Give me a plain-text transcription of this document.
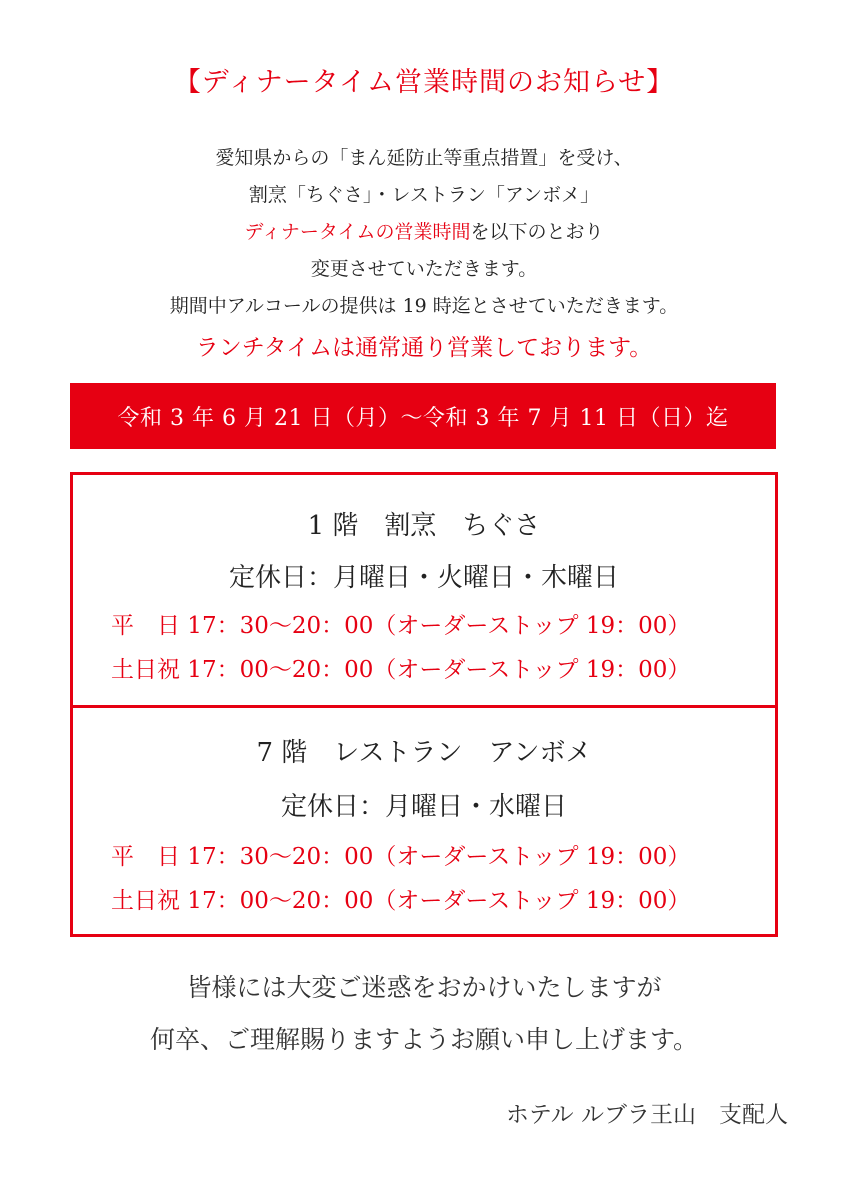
【ディナータイム営業時間のお知らせ】
愛知県からの「まん延防止等重点措置」を受け、
割烹「ちぐさ」・レストラン「アンボメ」
ディナータイムの営業時間を以下のとおり
変更させていただきます。
期間中アルコールの提供は 19 時迄とさせていただきます。
ランチタイムは通常通り営業しております。
令和 3 年 6 月 21 日（月）～令和 3 年 7 月 11 日（日）迄
1 階　割烹　ちぐさ
定休日：月曜日・火曜日・木曜日
平　日 17：30～20：00（オーダーストップ 19：00）
土日祝 17：00～20：00（オーダーストップ 19：00）
7 階　レストラン　アンボメ
定休日：月曜日・水曜日
平　日 17：30～20：00（オーダーストップ 19：00）
土日祝 17：00～20：00（オーダーストップ 19：00）
皆様には大変ご迷惑をおかけいたしますが
何卒、ご理解賜りますようお願い申し上げます。
ホテル ルブラ王山　支配人
